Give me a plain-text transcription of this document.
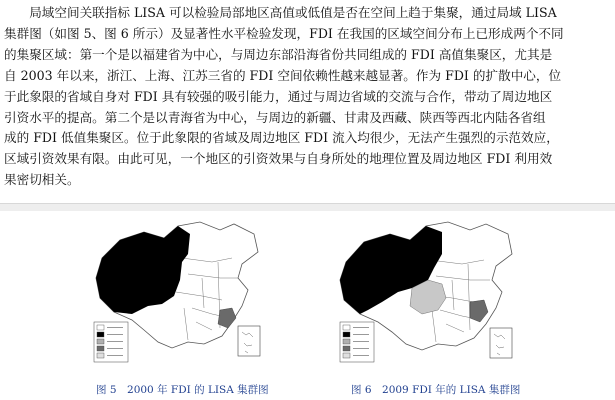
　　局域空间关联指标 LISA 可以检验局部地区高值或低值是否在空间上趋于集聚，通过局域 LISA
集群图（如图 5、图 6 所示）及显著性水平检验发现，FDI 在我国的区域空间分布上已形成两个不同
的集聚区域：第一个是以福建省为中心，与周边东部沿海省份共同组成的 FDI 高值集聚区，尤其是
自 2003 年以来，浙江、上海、江苏三省的 FDI 空间依赖性越来越显著。作为 FDI 的扩散中心，位
于此象限的省域自身对 FDI 具有较强的吸引能力，通过与周边省域的交流与合作，带动了周边地区
引资水平的提高。第二个是以青海省为中心，与周边的新疆、甘肃及西藏、陕西等西北内陆各省组
成的 FDI 低值集聚区。位于此象限的省域及周边地区 FDI 流入均很少，无法产生强烈的示范效应，
区域引资效果有限。由此可见，一个地区的引资效果与自身所处的地理位置及周边地区 FDI 利用效
果密切相关。
图 5　2000 年 FDI 的 LISA 集群图	图 6　2009 FDI 年的 LISA 集群图
